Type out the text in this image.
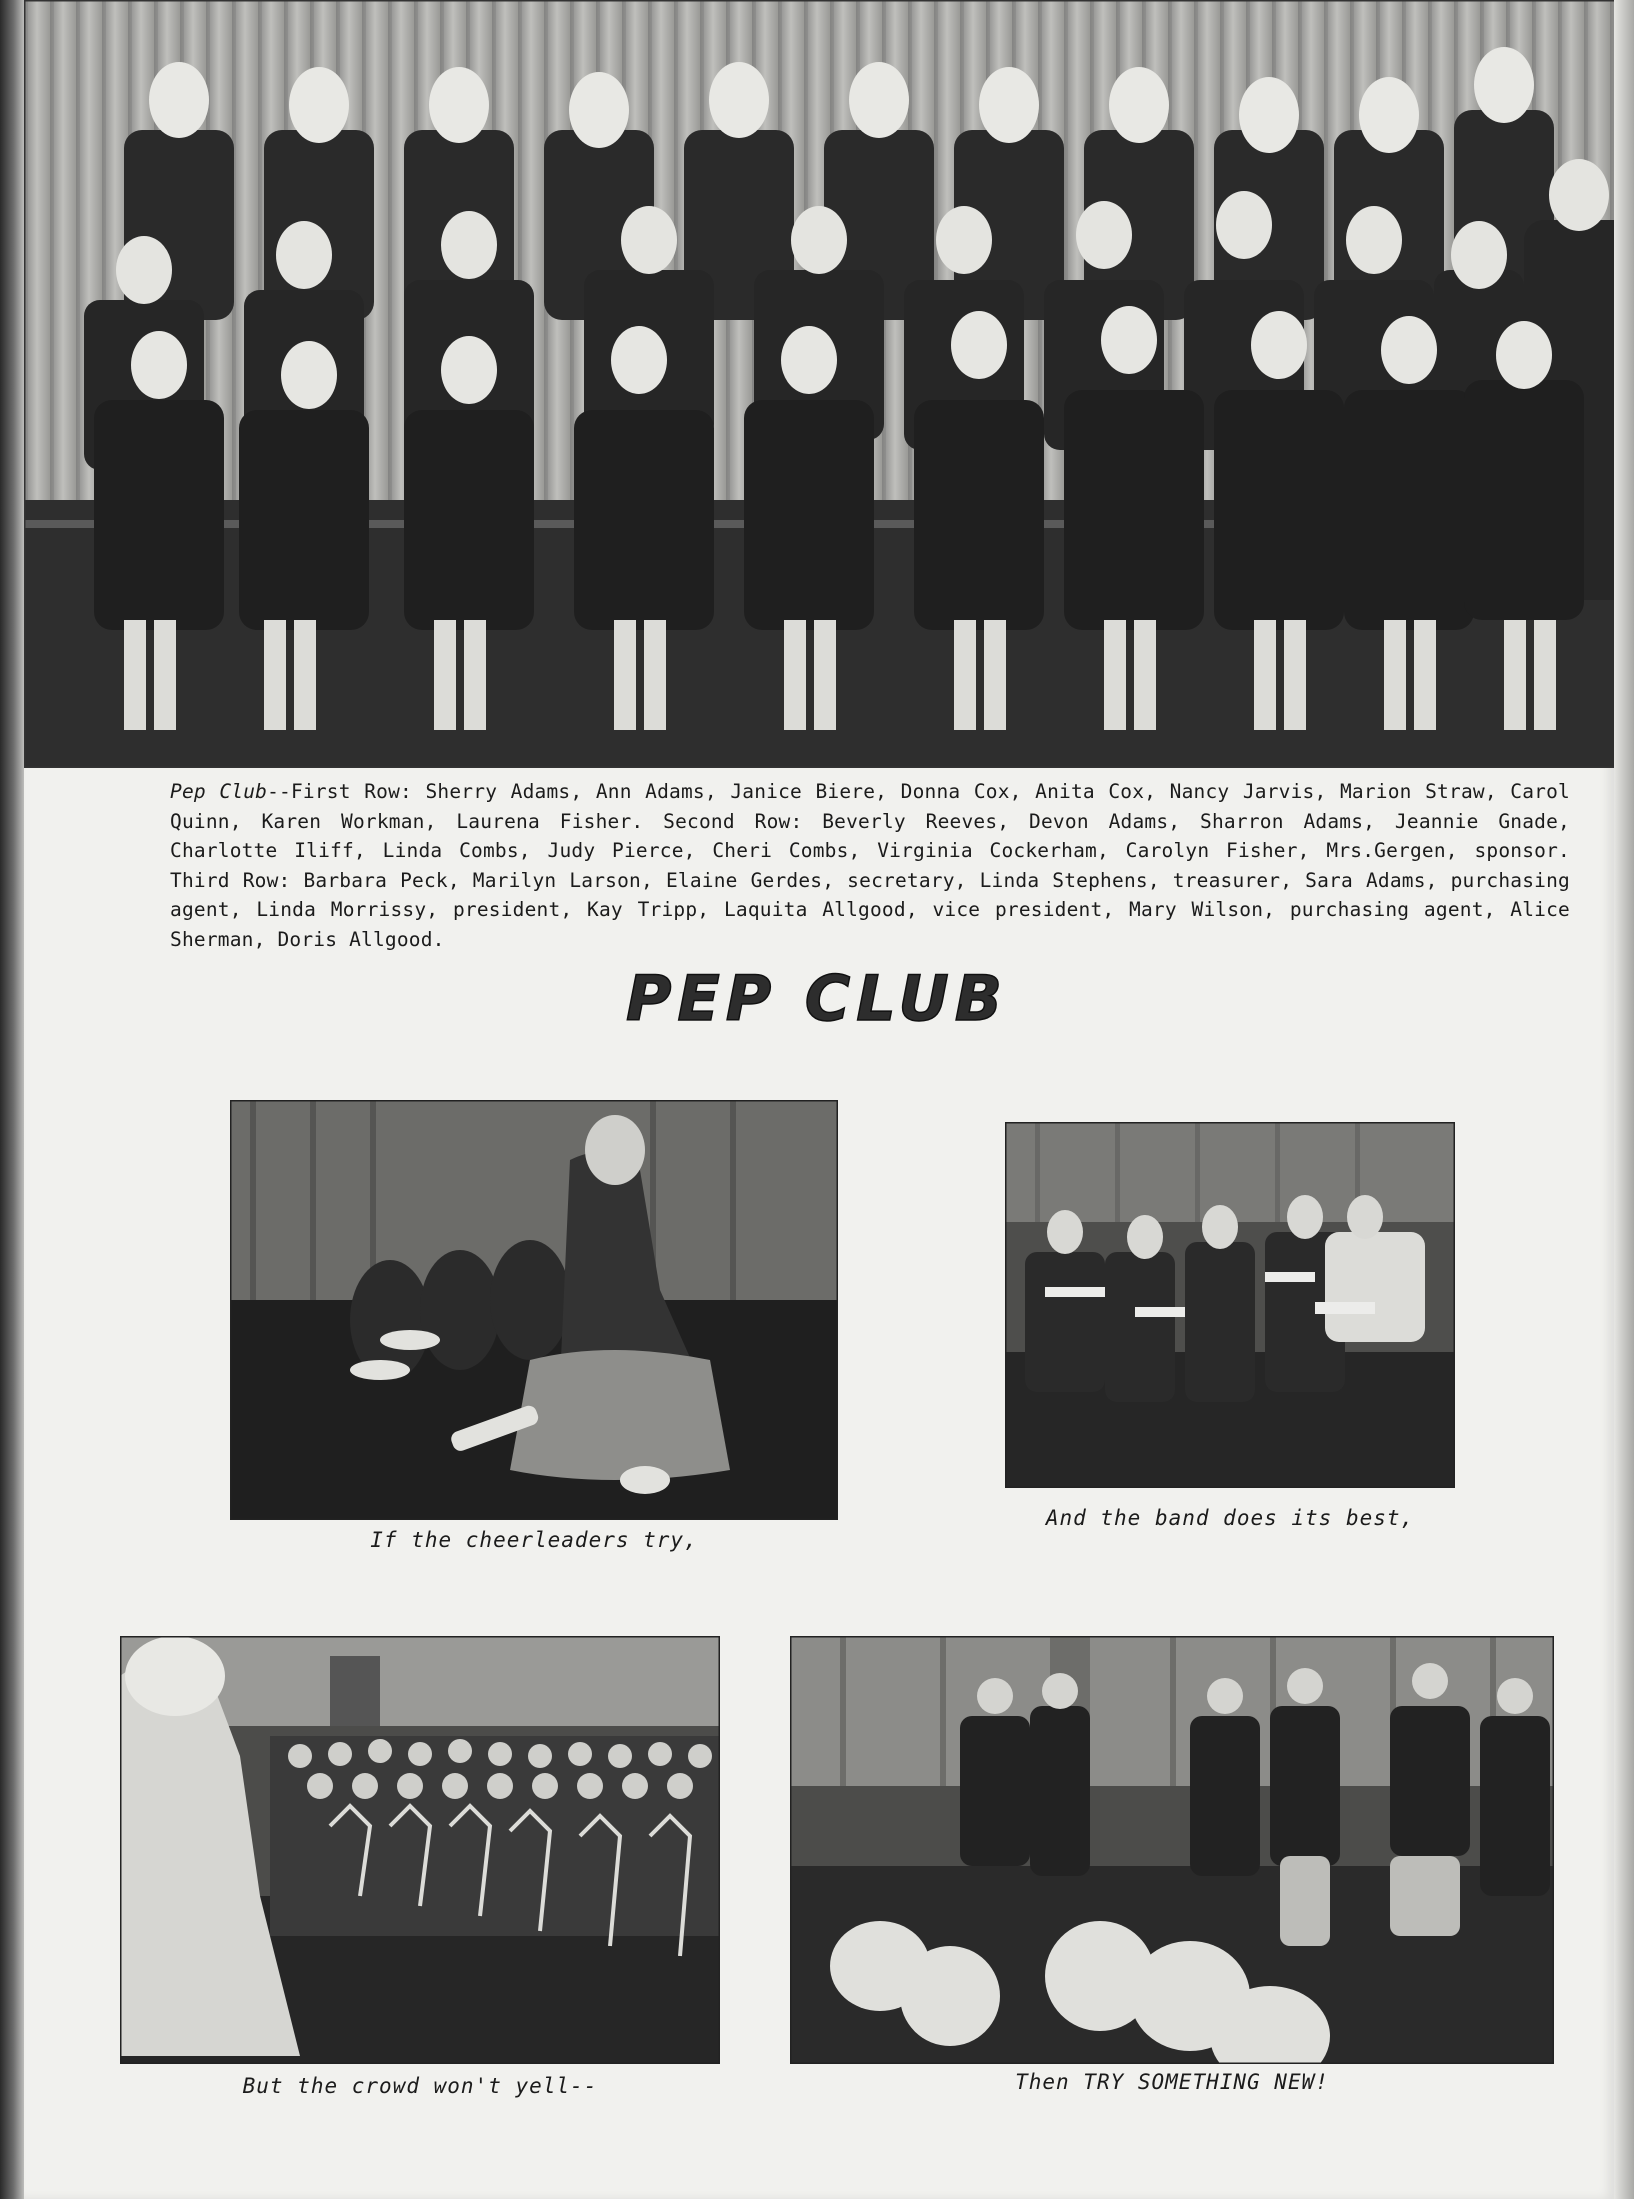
Pep Club--First Row: Sherry Adams, Ann Adams, Janice Biere, Donna Cox, Anita Cox, Nancy Jarvis, Marion Straw, Carol Quinn, Karen Workman, Laurena Fisher. Second Row: Beverly Reeves, Devon Adams, Sharron Adams, Jeannie Gnade, Charlotte Iliff, Linda Combs, Judy Pierce, Cheri Combs, Virginia Cockerham, Carolyn Fisher, Mrs.Gergen, sponsor. Third Row: Barbara Peck, Marilyn Larson, Elaine Gerdes, secretary, Linda Stephens, treasurer, Sara Adams, purchasing agent, Linda Morrissy, president, Kay Tripp, Laquita Allgood, vice president, Mary Wilson, purchasing agent, Alice Sherman, Doris Allgood.
PEP CLUB
If the cheerleaders try,
And the band does its best,
But the crowd won't yell--	Then TRY SOMETHING NEW!
